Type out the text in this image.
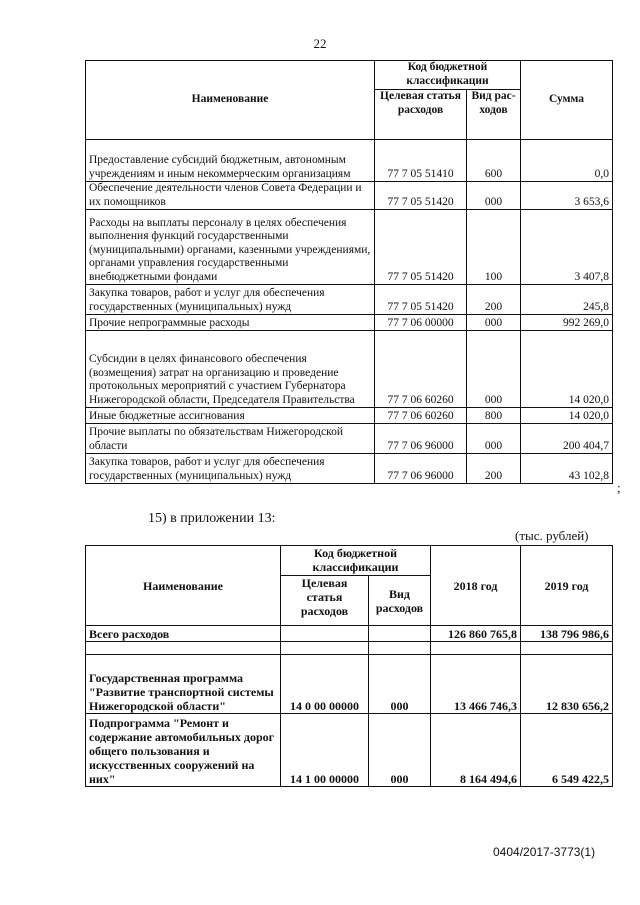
22
Наименование	Код бюджетной классификации		Сумма
	Целевая статья расходов	Вид рас-ходов	
Предоставление субсидий бюджетным, автономным учреждениям и иным некоммерческим организациям	77 7 05 51410	600	0,0
Обеспечение деятельности членов Совета Федерации и их помощников	77 7 05 51420	000	3 653,6
Расходы на выплаты персоналу в целях обеспечения выполнения функций государственными (муниципальными) органами, казенными учреждениями, органами управления государственными внебюджетными фондами	77 7 05 51420	100	3 407,8
Закупка товаров, работ и услуг для обеспечения государственных (муниципальных) нужд	77 7 05 51420	200	245,8
Прочие непрограммные расходы	77 7 06 00000	000	992 269,0
Субсидии в целях финансового обеспечения (возмещения) затрат на организацию и проведение протокольных мероприятий с участием Губернатора Нижегородской области, Председателя Правительства	77 7 06 60260	000	14 020,0
Иные бюджетные ассигнования	77 7 06 60260	800	14 020,0
Прочие выплаты по обязательствам Нижегородской области	77 7 06 96000	000	200 404,7
Закупка товаров, работ и услуг для обеспечения государственных (муниципальных) нужд	77 7 06 96000	200	43 102,8
;
15) в приложении 13:
(тыс. рублей)
Наименование	Код бюджетной классификации		2018 год	2019 год
	Целевая статья расходов	Вид расходов		
Всего расходов			126 860 765,8	138 796 986,6

Государственная программа "Развитие транспортной системы Нижегородской области"	14 0 00 00000	000	13 466 746,3	12 830 656,2
Подпрограмма "Ремонт и содержание автомобильных дорог общего пользования и искусственных сооружений на них"	14 1 00 00000	000	8 164 494,6	6 549 422,5
0404/2017-3773(1)
